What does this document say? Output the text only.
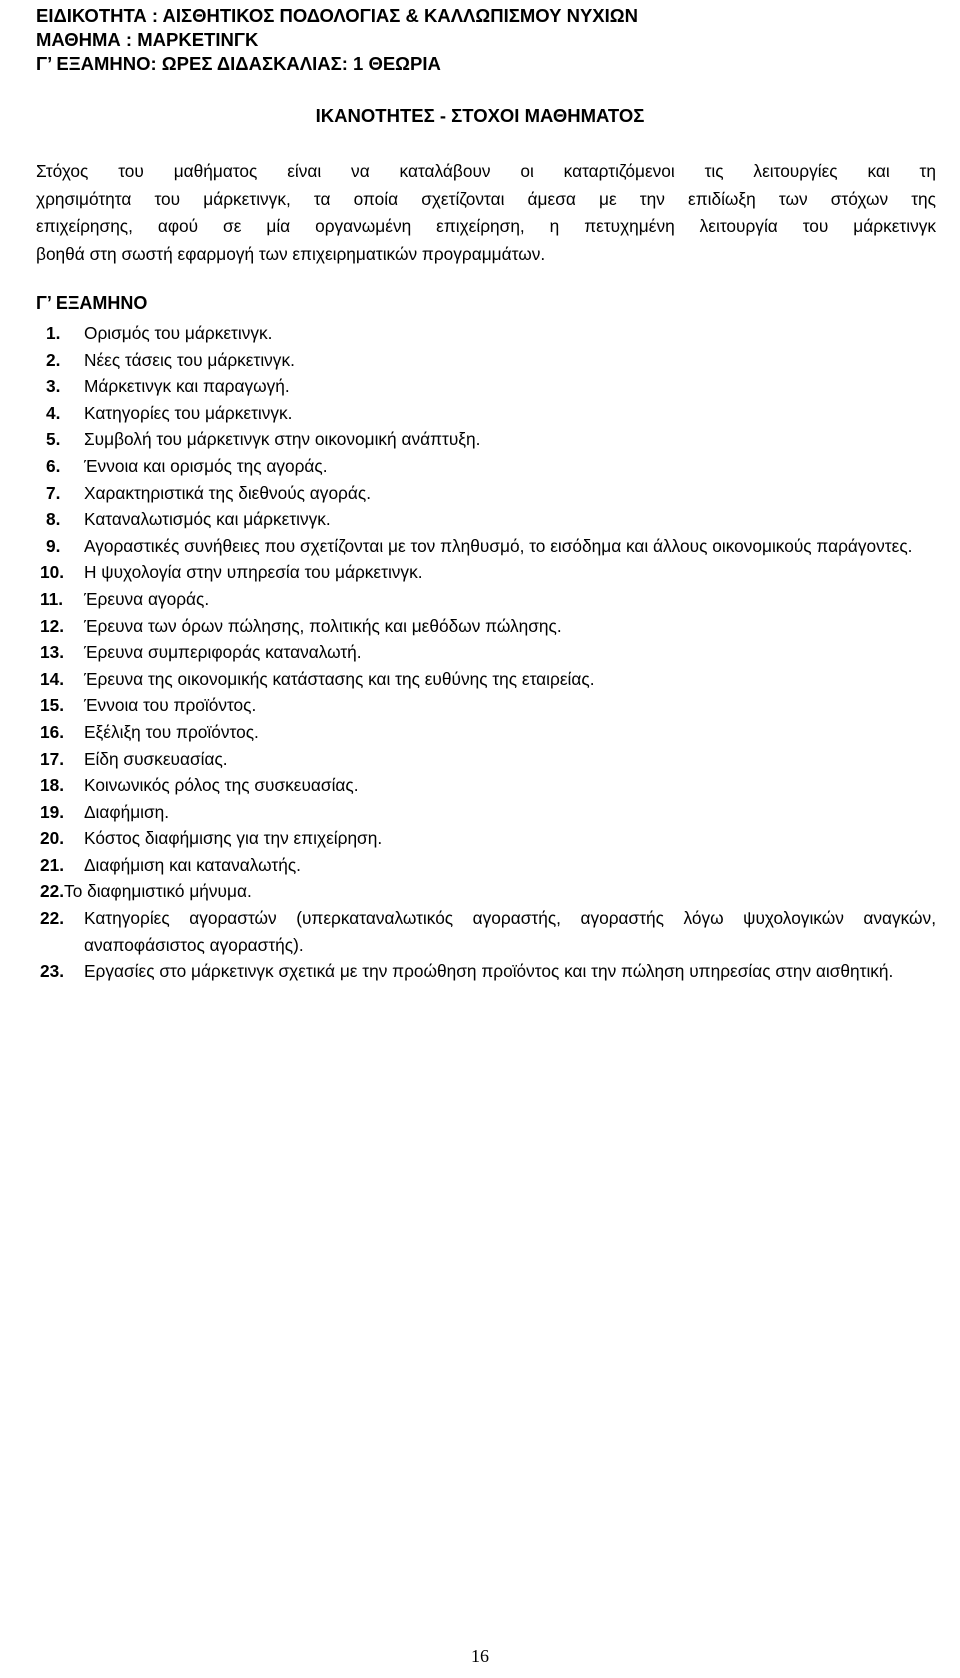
ΕΙΔΙΚΟΤΗΤΑ : ΑΙΣΘΗΤΙΚΟΣ ΠΟΔΟΛΟΓΙΑΣ & ΚΑΛΛΩΠΙΣΜΟΥ ΝΥΧΙΩΝ
ΜΑΘΗΜΑ : ΜΑΡΚΕΤΙΝΓΚ
Γ’ ΕΞΑΜΗΝΟ: ΩΡΕΣ ΔΙΔΑΣΚΑΛΙΑΣ: 1 ΘΕΩΡΙΑ
ΙΚΑΝΟΤΗΤΕΣ - ΣΤΟΧΟΙ ΜΑΘΗΜΑΤΟΣ
Στόχος του μαθήματος είναι να καταλάβουν οι καταρτιζόμενοι τις λειτουργίες και τη
χρησιμότητα του μάρκετινγκ, τα οποία σχετίζονται άμεσα με την επιδίωξη των στόχων της
επιχείρησης, αφού σε μία οργανωμένη επιχείρηση, η πετυχημένη λειτουργία του μάρκετινγκ
βοηθά στη σωστή εφαρμογή των επιχειρηματικών προγραμμάτων.
Γ’ ΕΞΑΜΗΝΟ
1. Ορισμός του μάρκετινγκ.
2. Νέες τάσεις του μάρκετινγκ.
3. Μάρκετινγκ και παραγωγή.
4. Κατηγορίες του μάρκετινγκ.
5. Συμβολή του μάρκετινγκ στην οικονομική ανάπτυξη.
6. Έννοια και ορισμός της αγοράς.
7. Χαρακτηριστικά της διεθνούς αγοράς.
8. Καταναλωτισμός και μάρκετινγκ.
9. Αγοραστικές συνήθειες που σχετίζονται με τον πληθυσμό, το εισόδημα και άλλους οικονομικούς παράγοντες.
10. Η ψυχολογία στην υπηρεσία του μάρκετινγκ.
11. Έρευνα αγοράς.
12. Έρευνα των όρων πώλησης, πολιτικής και μεθόδων πώλησης.
13. Έρευνα συμπεριφοράς καταναλωτή.
14. Έρευνα της οικονομικής κατάστασης και της ευθύνης της εταιρείας.
15. Έννοια του προϊόντος.
16. Εξέλιξη του προϊόντος.
17. Είδη συσκευασίας.
18. Κοινωνικός ρόλος της συσκευασίας.
19. Διαφήμιση.
20. Κόστος διαφήμισης για την επιχείρηση.
21. Διαφήμιση και καταναλωτής.
22.Το διαφημιστικό μήνυμα.
22. Κατηγορίες αγοραστών (υπερκαταναλωτικός αγοραστής, αγοραστής λόγω ψυχολογικών αναγκών, αναποφάσιστος αγοραστής).
23. Εργασίες στο μάρκετινγκ σχετικά με την προώθηση προϊόντος και την πώληση υπηρεσίας στην αισθητική.
16
